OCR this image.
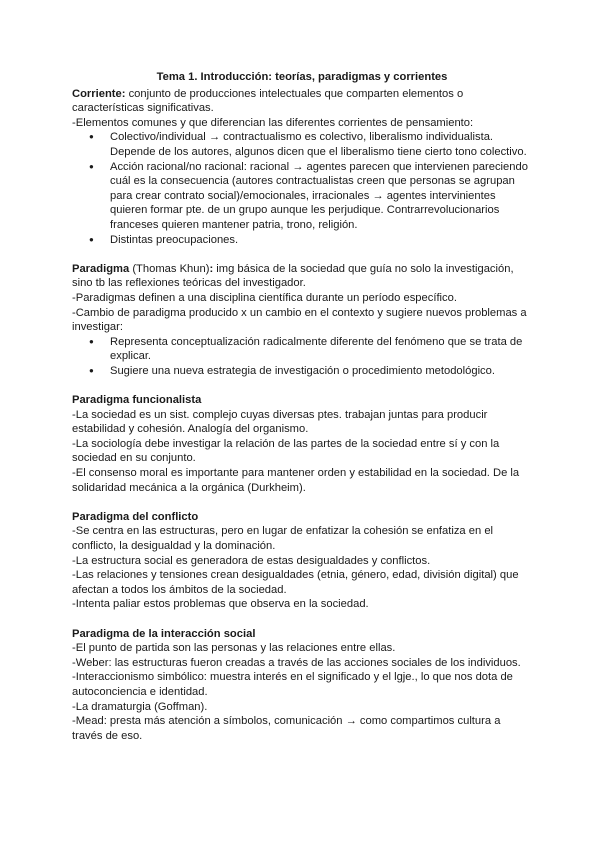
Tema 1. Introducción: teorías, paradigmas y corrientes

Corriente: conjunto de producciones intelectuales que comparten elementos o características significativas.

-Elementos comunes y que diferencian las diferentes corrientes de pensamiento:

● Colectivo/individual → contractualismo es colectivo, liberalismo individualista. Depende de los autores, algunos dicen que el liberalismo tiene cierto tono colectivo.
● Acción racional/no racional: racional → agentes parecen que intervienen pareciendo cuál es la consecuencia (autores contractualistas creen que personas se agrupan para crear contrato social)/emocionales, irracionales → agentes intervinientes quieren formar pte. de un grupo aunque les perjudique. Contrarrevolucionarios franceses quieren mantener patria, trono, religión.
● Distintas preocupaciones.

Paradigma (Thomas Khun): img básica de la sociedad que guía no solo la investigación, sino tb las reflexiones teóricas del investigador.

-Paradigmas definen a una disciplina científica durante un período específico.

-Cambio de paradigma producido x un cambio en el contexto y sugiere nuevos problemas a investigar:

● Representa conceptualización radicalmente diferente del fenómeno que se trata de explicar.
● Sugiere una nueva estrategia de investigación o procedimiento metodológico.

Paradigma funcionalista

-La sociedad es un sist. complejo cuyas diversas ptes. trabajan juntas para producir estabilidad y cohesión. Analogía del organismo.

-La sociología debe investigar la relación de las partes de la sociedad entre sí y con la sociedad en su conjunto.

-El consenso moral es importante para mantener orden y estabilidad en la sociedad. De la solidaridad mecánica a la orgánica (Durkheim).

Paradigma del conflicto

-Se centra en las estructuras, pero en lugar de enfatizar la cohesión se enfatiza en el conflicto, la desigualdad y la dominación.

-La estructura social es generadora de estas desigualdades y conflictos.

-Las relaciones y tensiones crean desigualdades (etnia, género, edad, división digital) que afectan a todos los ámbitos de la sociedad.

-Intenta paliar estos problemas que observa en la sociedad.

Paradigma de la interacción social

-El punto de partida son las personas y las relaciones entre ellas.

-Weber: las estructuras fueron creadas a través de las acciones sociales de los individuos.

-Interaccionismo simbólico: muestra interés en el significado y el lgje., lo que nos dota de autoconciencia e identidad.

-La dramaturgia (Goffman).

-Mead: presta más atención a símbolos, comunicación → como compartimos cultura a través de eso.
